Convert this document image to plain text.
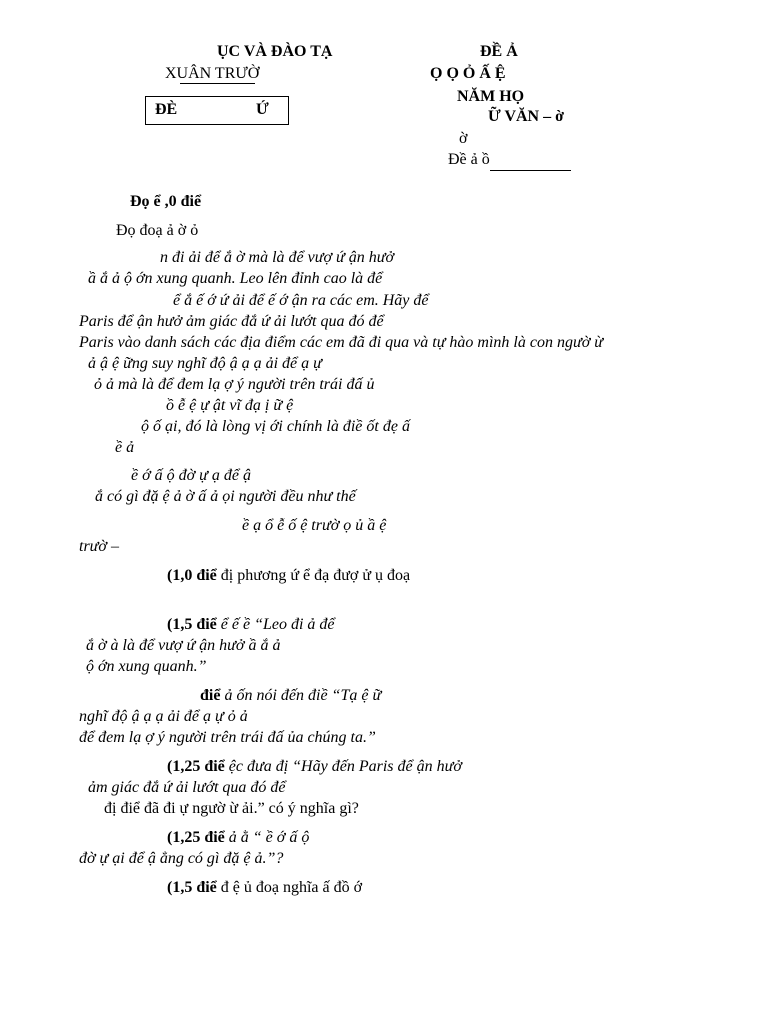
ỤC VÀ ĐÀO TẠ
XUÂN TRƯỜ
ĐÈ	Ứ
ĐỀ Ả
Ọ Ọ Ỏ Ấ Ệ
NĂM HỌ
Ữ VĂN – ờ
ờ
Đề ả ồ
Đọ ể ,0 điể
Đọ đoạ ả ờ ỏ
n đi ải để ắ ờ mà là để vượ ứ ận hưở
ầ ắ ả ộ ớn xung quanh. Leo lên đỉnh cao là để
ể ắ ế ớ ứ ải để ế ớ ận ra các em. Hãy để
Paris để ận hưở ảm giác đắ ứ ải lướt qua đó để
Paris vào danh sách các địa điểm các em đã đi qua và tự hào mình là con ngườ ừ
ả ậ ệ ững suy nghĩ độ ậ ạ ạ ải để ạ ự
ỏ ả mà là để đem lạ ợ ý người trên trái đấ ủ
ồ ễ ệ ự ật vĩ đạ ị ữ ệ
ộ ố ại, đó là lòng vị ới chính là điề ốt đẹ ấ
ề ả
ề ớ ấ ộ đờ ự ạ để ậ
ắ có gì đặ ệ ả ờ ấ ả ọi người đều như thế
ề ạ ổ ễ ố ệ trườ ọ ủ ầ ệ
trườ –
(1,0 điể đị phương ứ ể đạ đượ ử ụ đoạ
(1,5 điể ể ế ề “Leo đi ả để
ắ ờ à là để vượ ứ ận hưở ầ ắ ả
ộ ớn xung quanh.”
điể ả ốn nói đến điề “Tạ ệ ữ
nghĩ độ ậ ạ ạ ải để ạ ự ỏ ả
để đem lạ ợ ý người trên trái đấ ủa chúng ta.”
(1,25 điể ệc đưa đị “Hãy đến Paris để ận hưở
ảm giác đắ ứ ải lướt qua đó để
đị điể đã đi ự ngườ ừ ải.” có ý nghĩa gì?
(1,25 điể ả ằ “ ề ớ ấ ộ
đờ ự ại để ậ ẳng có gì đặ ệ ả.”?
(1,5 điể đ ệ ủ đoạ nghĩa ấ đồ ớ
